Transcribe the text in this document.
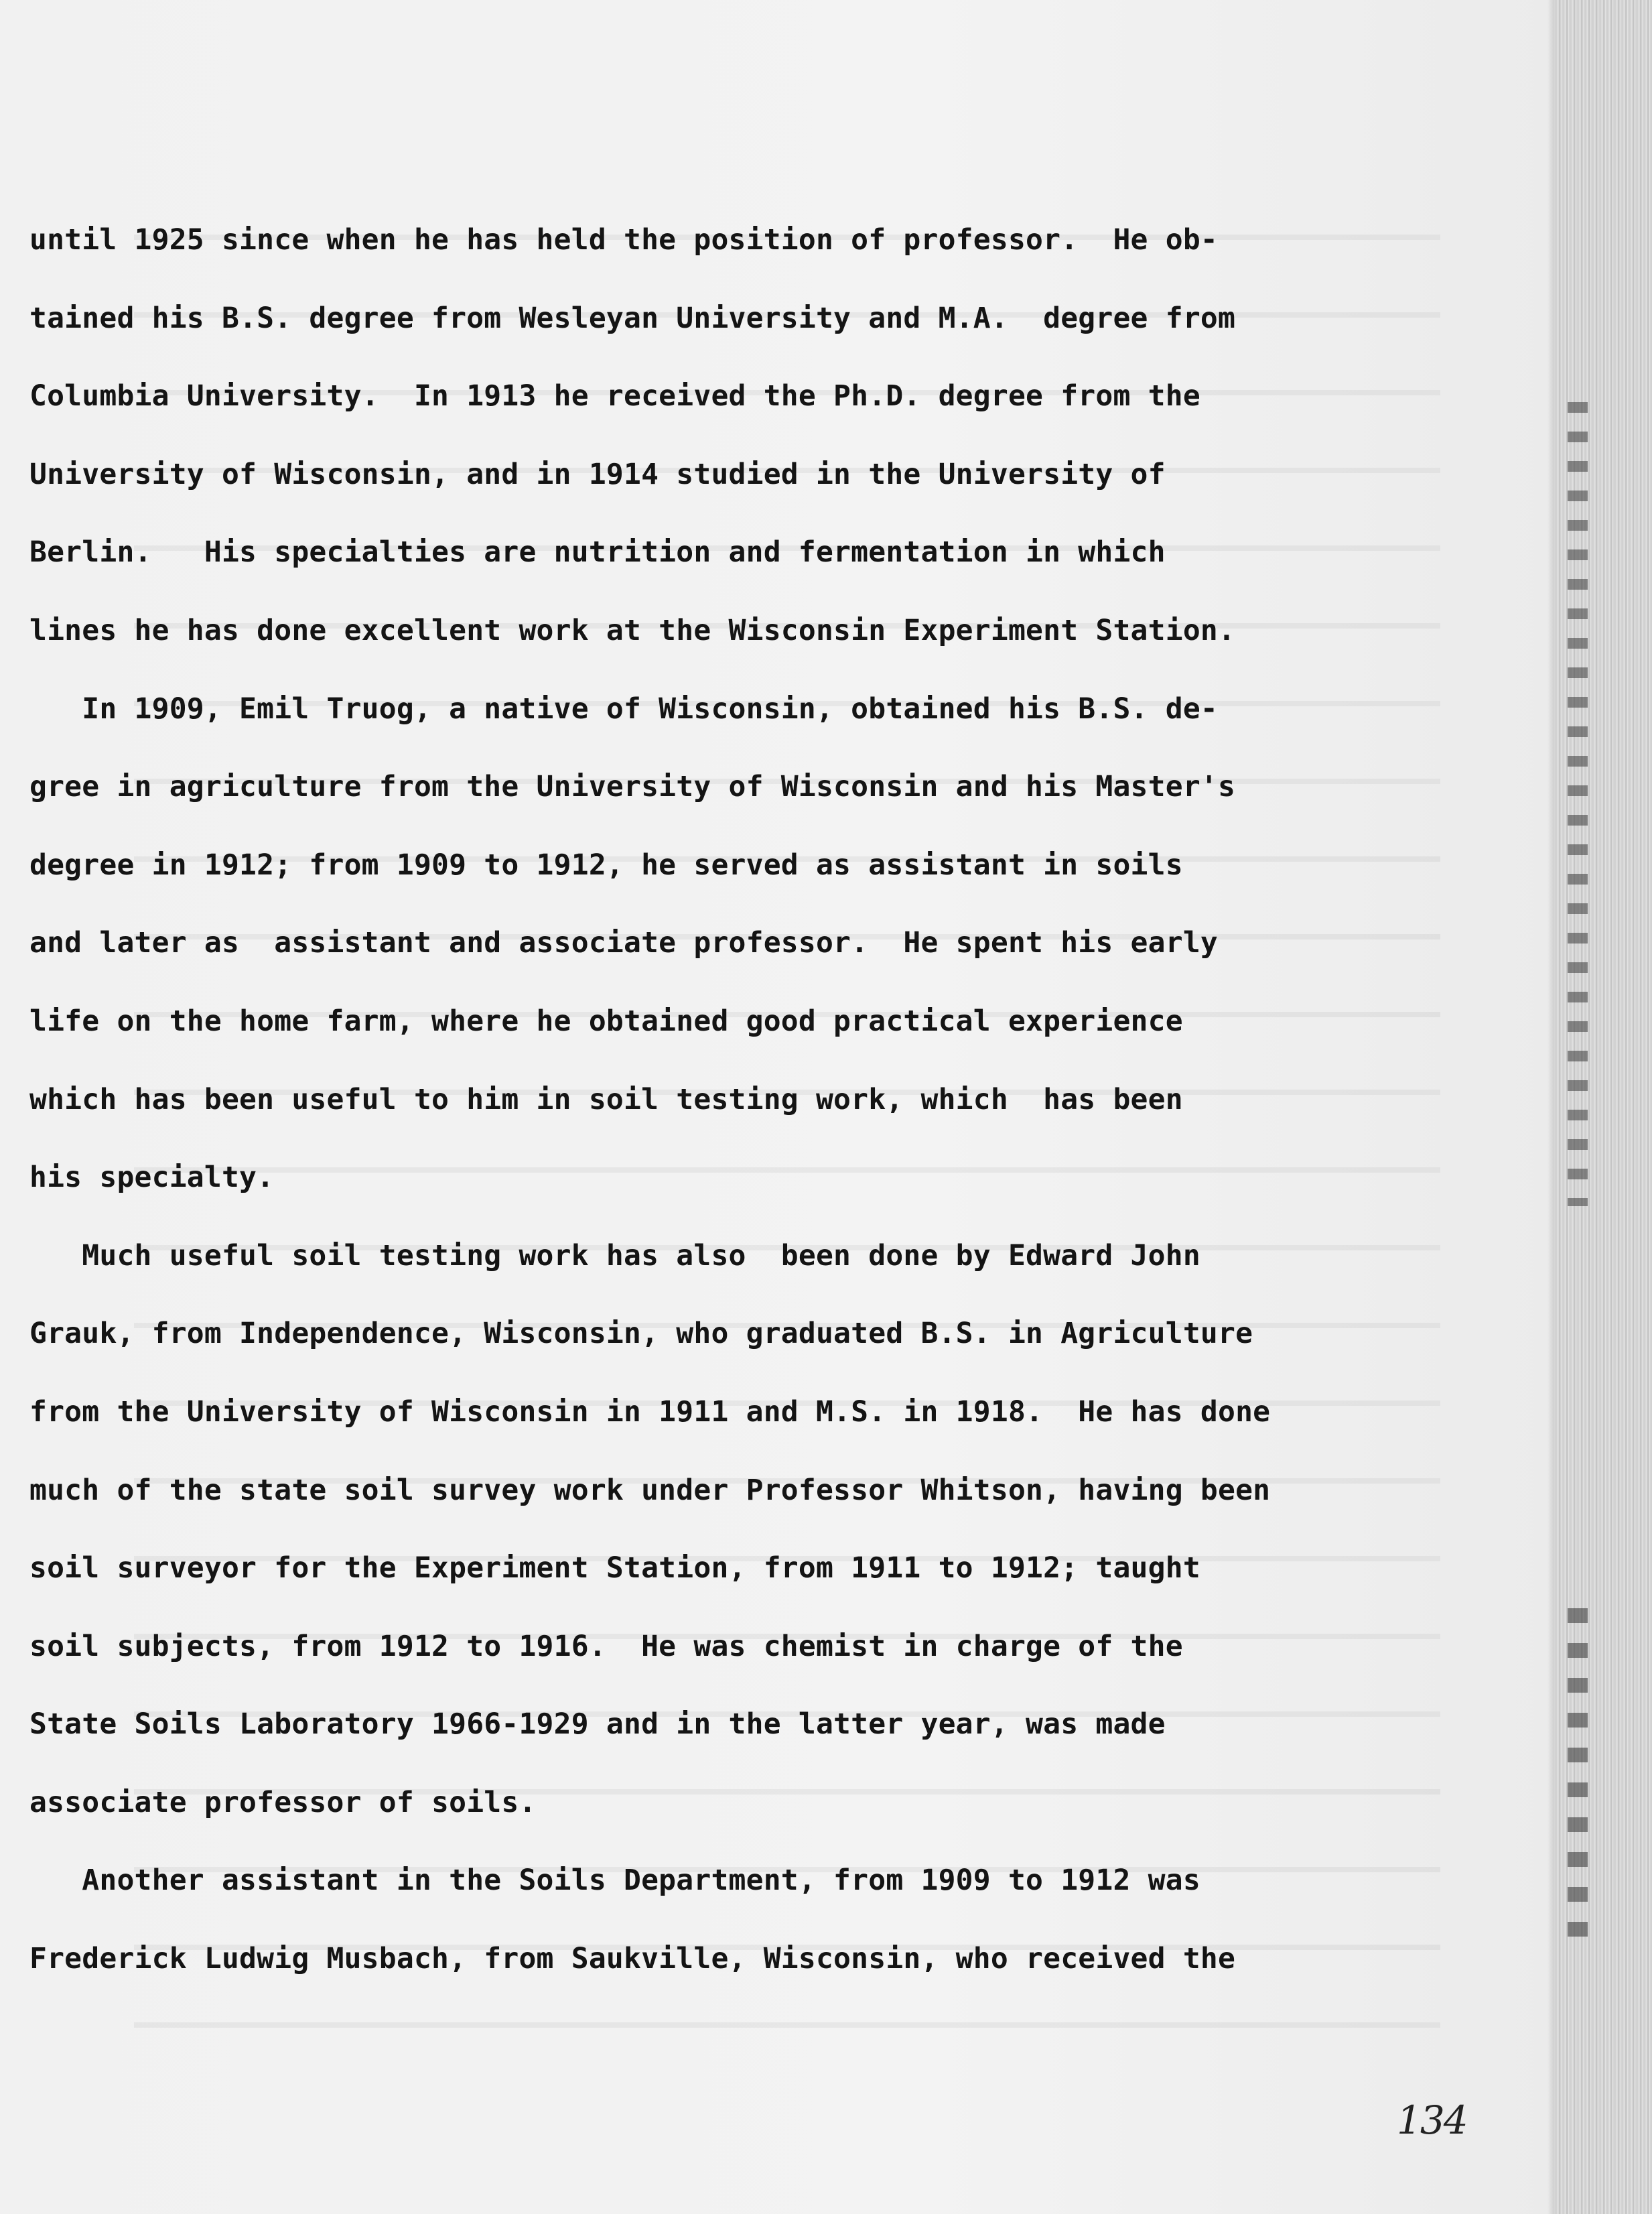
until 1925 since when he has held the position of professor.  He ob-
tained his B.S. degree from Wesleyan University and M.A.  degree from
Columbia University.  In 1913 he received the Ph.D. degree from the
University of Wisconsin, and in 1914 studied in the University of
Berlin.   His specialties are nutrition and fermentation in which
lines he has done excellent work at the Wisconsin Experiment Station.
In 1909, Emil Truog, a native of Wisconsin, obtained his B.S. de-
gree in agriculture from the University of Wisconsin and his Master's
degree in 1912; from 1909 to 1912, he served as assistant in soils
and later as  assistant and associate professor.  He spent his early
life on the home farm, where he obtained good practical experience
which has been useful to him in soil testing work, which  has been
his specialty.
Much useful soil testing work has also  been done by Edward John
Grauk, from Independence, Wisconsin, who graduated B.S. in Agriculture
from the University of Wisconsin in 1911 and M.S. in 1918.  He has done
much of the state soil survey work under Professor Whitson, having been
soil surveyor for the Experiment Station, from 1911 to 1912; taught
soil subjects, from 1912 to 1916.  He was chemist in charge of the
State Soils Laboratory 1966-1929 and in the latter year, was made
associate professor of soils.
Another assistant in the Soils Department, from 1909 to 1912 was
Frederick Ludwig Musbach, from Saukville, Wisconsin, who received the
134
